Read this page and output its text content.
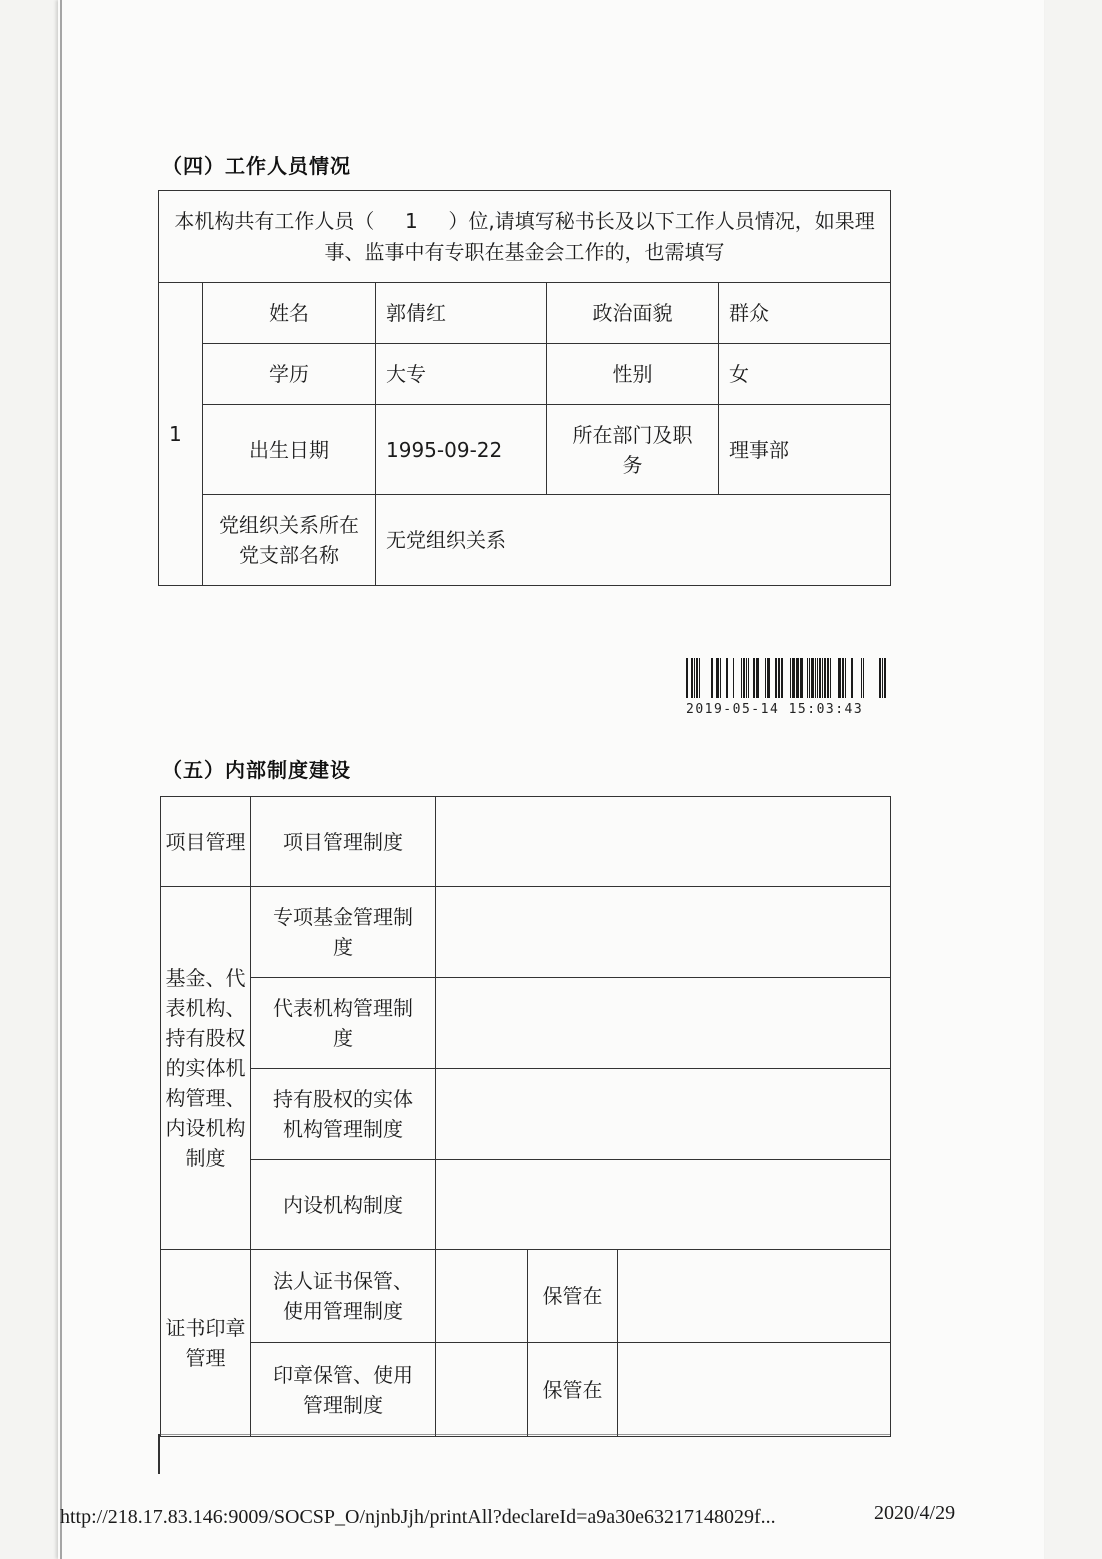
（四）工作人员情况
本机构共有工作人员（ 1 ）位,请填写秘书长及以下工作人员情况，如果理事、监事中有专职在基金会工作的，也需填写				
1	姓名	郭倩红	政治面貌	群众
	学历	大专	性别	女
	出生日期	1995-09-22	所在部门及职务	理事部
	党组织关系所在党支部名称	无党组织关系		
2019-05-14 15:03:43
（五）内部制度建设
项目管理	项目管理制度			
基金、代表机构、持有股权的实体机构管理、内设机构制度	专项基金管理制度			
	代表机构管理制度			
	持有股权的实体机构管理制度			
	内设机构制度			
证书印章管理	法人证书保管、使用管理制度		保管在	
	印章保管、使用管理制度		保管在	
http://218.17.83.146:9009/SOCSP_O/njnbJjh/printAll?declareId=a9a30e63217148029f...	2020/4/29
